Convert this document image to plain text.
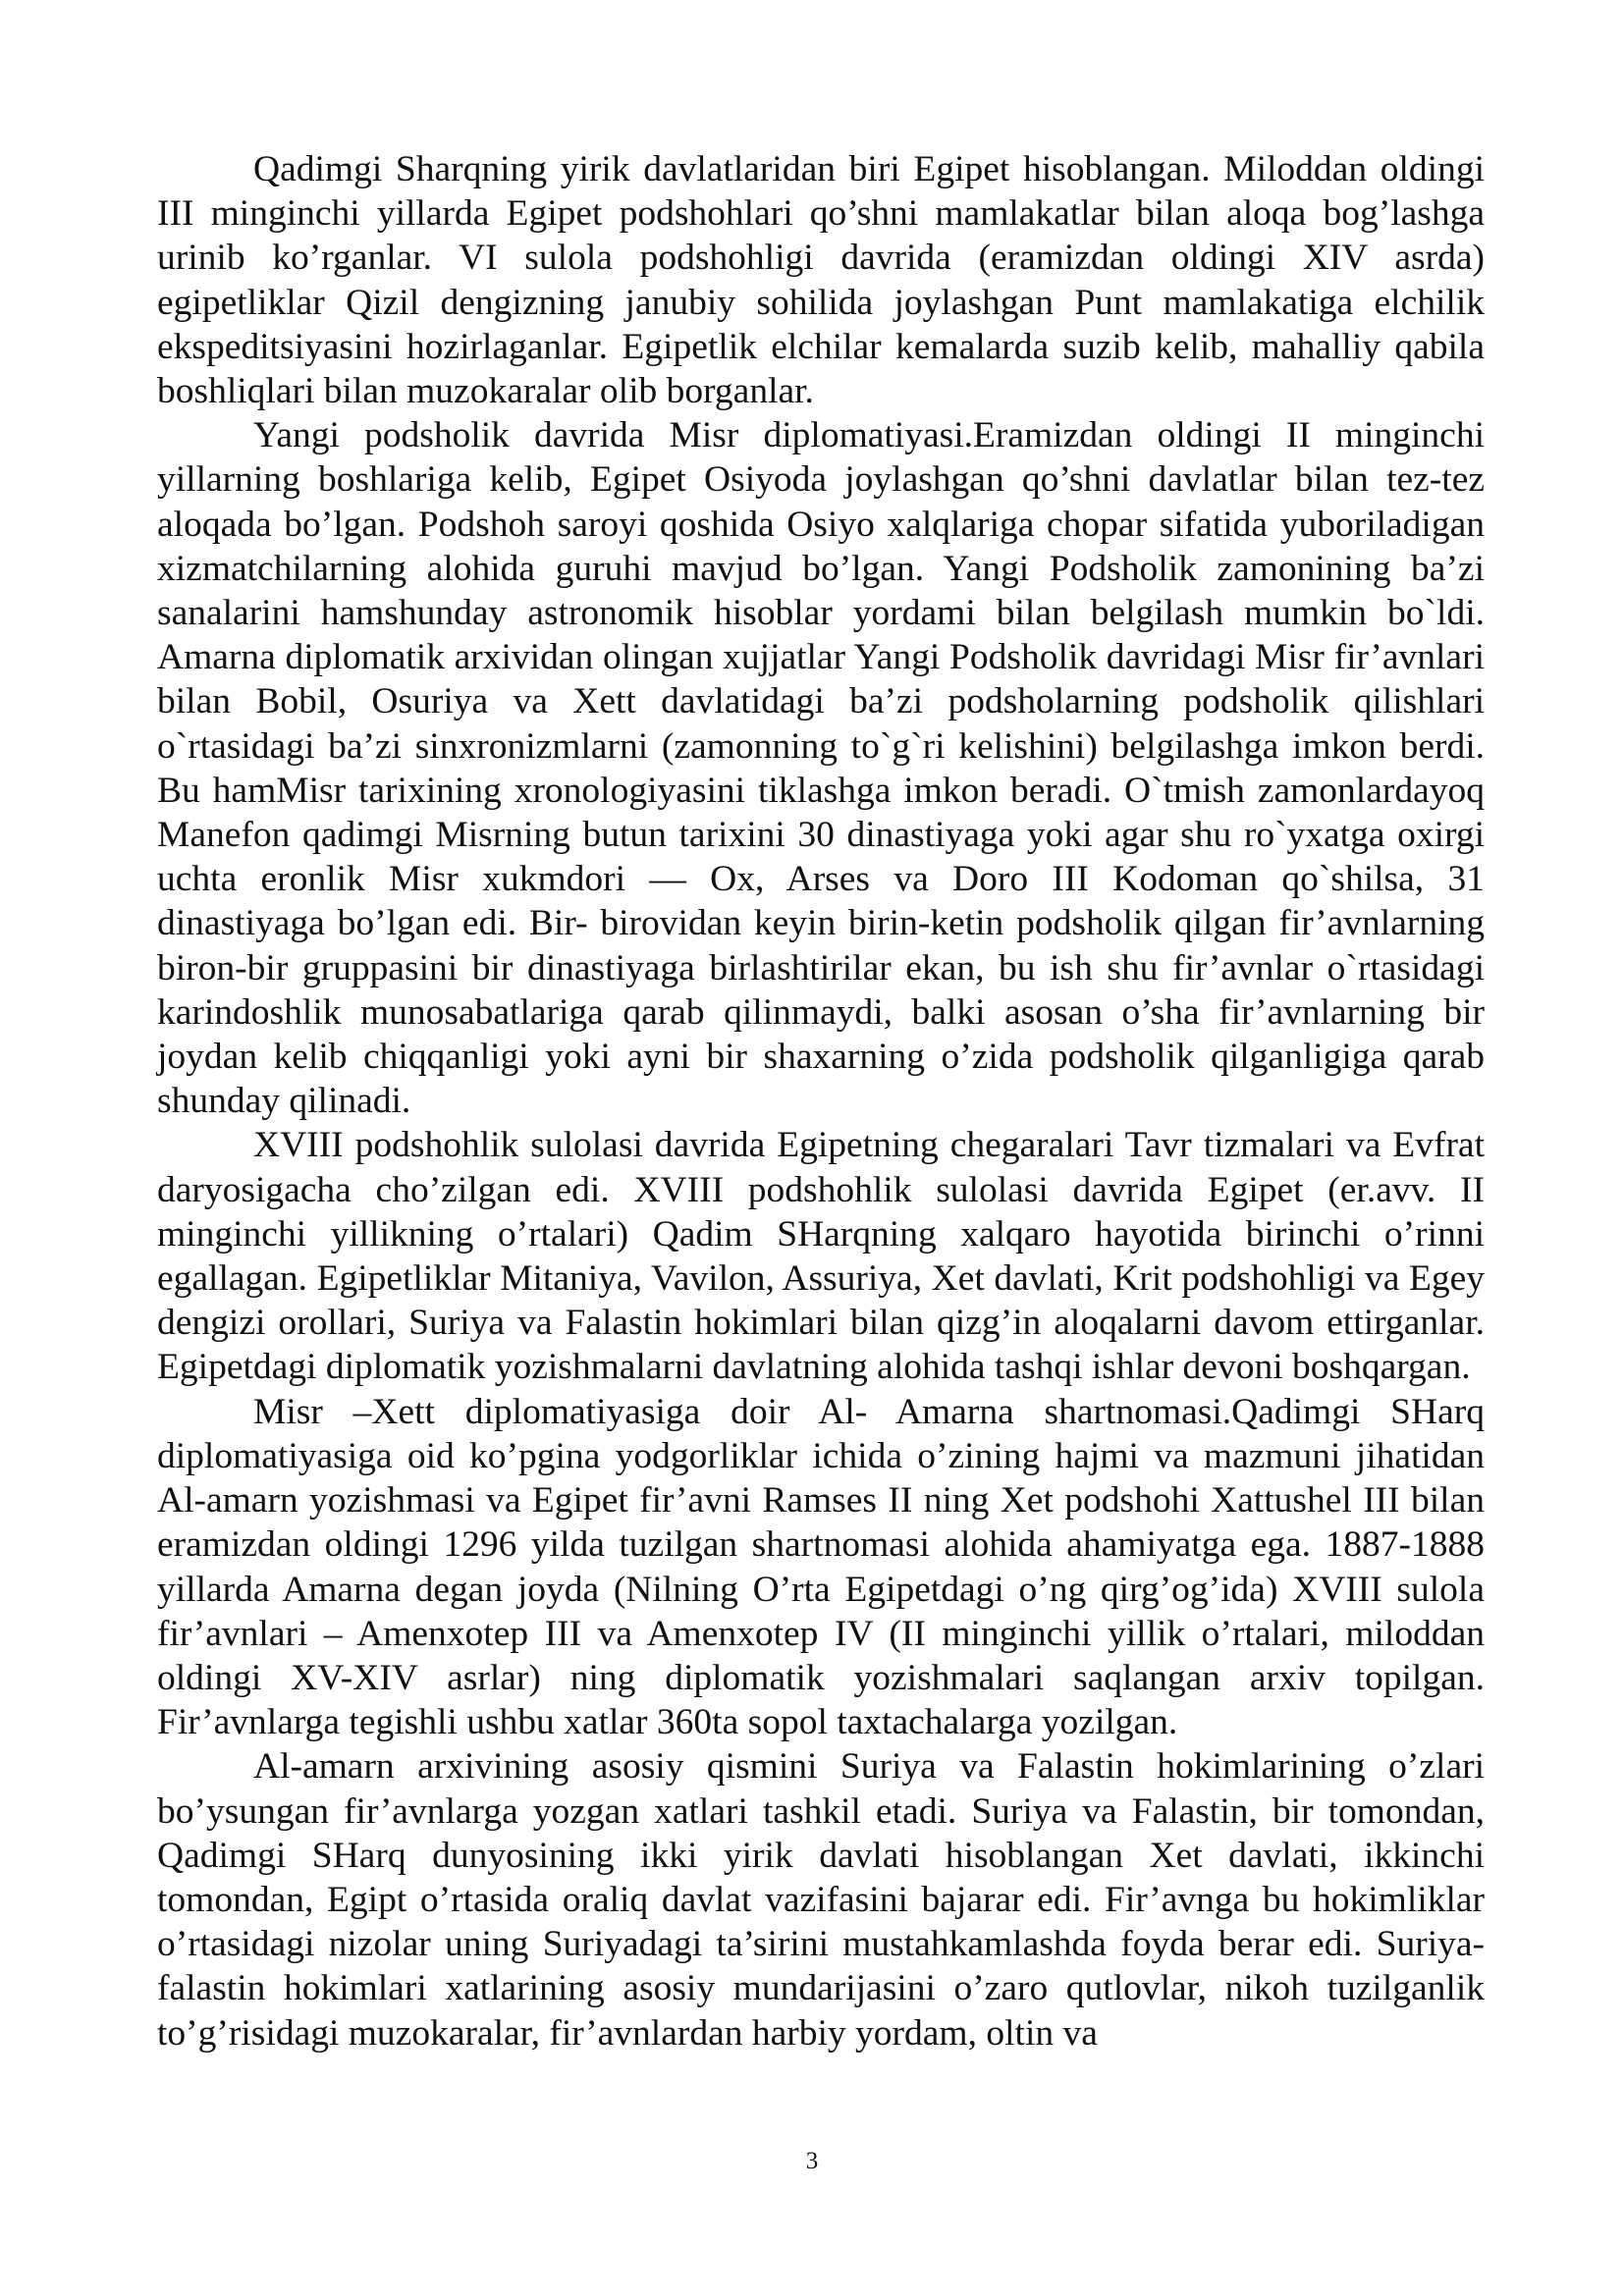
Qadimgi Sharqning yirik davlatlaridan biri Egipet hisoblangan. Miloddan oldingi III minginchi yillarda Egipet podshohlari qo’shni mamlakatlar bilan aloqa bog’lashga urinib ko’rganlar. VI sulola podshohligi davrida (eramizdan oldingi XIV asrda) egipetliklar Qizil dengizning janubiy sohilida joylashgan Punt mamlakatiga elchilik ekspeditsiyasini hozirlaganlar. Egipetlik elchilar kemalarda suzib kelib, mahalliy qabila boshliqlari bilan muzokaralar olib borganlar.

Yangi podsholik davrida Misr diplomatiyasi.Eramizdan oldingi II minginchi yillarning boshlariga kelib, Egipet Osiyoda joylashgan qo’shni davlatlar bilan tez-tez aloqada bo’lgan. Podshoh saroyi qoshida Osiyo xalqlariga chopar sifatida yuboriladigan xizmatchilarning alohida guruhi mavjud bo’lgan. Yangi Podsholik zamonining ba’zi sanalarini hamshunday astronomik hisoblar yordami bilan belgilash mumkin bo`ldi. Amarna diplomatik arxividan olingan xujjatlar Yangi Podsholik davridagi Misr fir’avnlari bilan Bobil, Osuriya va Xett davlatidagi ba’zi podsholarning podsholik qilishlari o`rtasidagi ba’zi sinxronizmlarni (zamonning to`g`ri kelishini) belgilashga imkon berdi. Bu hamMisr tarixining xronologiyasini tiklashga imkon beradi. O`tmish zamonlardayoq Manefon qadimgi Misrning butun tarixini 30 dinastiyaga yoki agar shu ro`yxatga oxirgi uchta eronlik Misr xukmdori — Ox, Arses va Doro III Kodoman qo`shilsa, 31 dinastiyaga bo’lgan edi. Bir- birovidan keyin birin-ketin podsholik qilgan fir’avnlarning biron-bir gruppasini bir dinastiyaga birlashtirilar ekan, bu ish shu fir’avnlar o`rtasidagi karindoshlik munosabatlariga qarab qilinmaydi, balki asosan o’sha fir’avnlarning bir joydan kelib chiqqanligi yoki ayni bir shaxarning o’zida podsholik qilganligiga qarab shunday qilinadi.

XVIII podshohlik sulolasi davrida Egipetning chegaralari Tavr tizmalari va Evfrat daryosigacha cho’zilgan edi. XVIII podshohlik sulolasi davrida Egipet (er.avv. II minginchi yillikning o’rtalari) Qadim SHarqning xalqaro hayotida birinchi o’rinni egallagan. Egipetliklar Mitaniya, Vavilon, Assuriya, Xet davlati, Krit podshohligi va Egey dengizi orollari, Suriya va Falastin hokimlari bilan qizg’in aloqalarni davom ettirganlar. Egipetdagi diplomatik yozishmalarni davlatning alohida tashqi ishlar devoni boshqargan.

Misr –Xett diplomatiyasiga doir Al- Amarna shartnomasi.Qadimgi SHarq diplomatiyasiga oid ko’pgina yodgorliklar ichida o’zining hajmi va mazmuni jihatidan Al-amarn yozishmasi va Egipet fir’avni Ramses II ning Xet podshohi Xattushel III bilan eramizdan oldingi 1296 yilda tuzilgan shartnomasi alohida ahamiyatga ega. 1887-1888 yillarda Amarna degan joyda (Nilning O’rta Egipetdagi o’ng qirg’og’ida) XVIII sulola fir’avnlari – Amenxotep III va Amenxotep IV (II minginchi yillik o’rtalari, miloddan oldingi XV-XIV asrlar) ning diplomatik yozishmalari saqlangan arxiv topilgan. Fir’avnlarga tegishli ushbu xatlar 360ta sopol taxtachalarga yozilgan.

Al-amarn arxivining asosiy qismini Suriya va Falastin hokimlarining o’zlari bo’ysungan fir’avnlarga yozgan xatlari tashkil etadi. Suriya va Falastin, bir tomondan, Qadimgi SHarq dunyosining ikki yirik davlati hisoblangan Xet davlati, ikkinchi tomondan, Egipt o’rtasida oraliq davlat vazifasini bajarar edi. Fir’avnga bu hokimliklar o’rtasidagi nizolar uning Suriyadagi ta’sirini mustahkamlashda foyda berar edi. Suriya-falastin hokimlari xatlarining asosiy mundarijasini o’zaro qutlovlar, nikoh tuzilganlik to’g’risidagi muzokaralar, fir’avnlardan harbiy yordam, oltin va

3
